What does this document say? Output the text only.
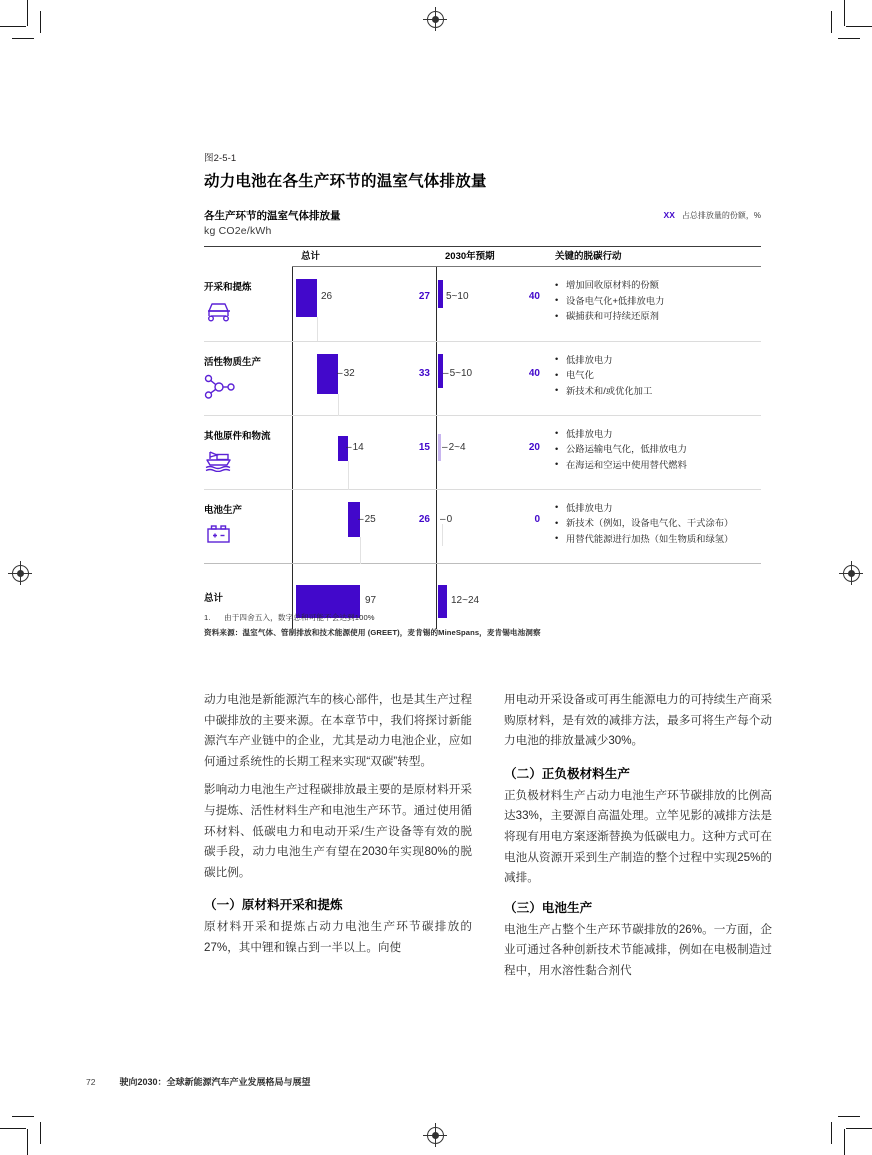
图2-5-1
动力电池在各生产环节的温室气体排放量
各生产环节的温室气体排放量
kg CO2e/kWh
XX 占总排放量的份额，%

	总计	2030年预期	关键的脱碳行动

开采和提炼

26	27	5~10	40

• 增加回收原材料的份额
• 设备电气化+低排放电力
• 碳捕获和可持续还原剂

活性物质生产

– 32	33

–5~10	40

• 低排放电力
• 电气化
• 新技术和/或优化加工

其他原件和物流

– 14	15

–2~4	20

• 低排放电力
• 公路运输电气化，低排放电力
• 在海运和空运中使用替代燃料

电池生产

– 25	26

–0	0

• 低排放电力
• 新技术（例如，设备电气化、干式涂布）
• 用替代能源进行加热（如生物质和绿氢）

总计	97	12~24	

1. 由于四舍五入，数字总和可能不会达到100%
资料来源：温室气体、管制排放和技术能源使用 (GREET)，麦肯锡的MineSpans，麦肯锡电池洞察

动力电池是新能源汽车的核心部件，也是其生产过程中碳排放的主要来源。在本章节中，我们将探讨新能源汽车产业链中的企业，尤其是动力电池企业，应如何通过系统性的长期工程来实现“双碳”转型。

影响动力电池生产过程碳排放最主要的是原材料开采与提炼、活性材料生产和电池生产环节。通过使用循环材料、低碳电力和电动开采/生产设备等有效的脱碳手段，动力电池生产有望在2030年实现80%的脱碳比例。

（一）原材料开采和提炼

原材料开采和提炼占动力电池生产环节碳排放的27%，其中锂和镍占到一半以上。向使

用电动开采设备或可再生能源电力的可持续生产商采购原材料，是有效的减排方法，最多可将生产每个动力电池的排放量减少30%。

（二）正负极材料生产

正负极材料生产占动力电池生产环节碳排放的比例高达33%，主要源自高温处理。立竿见影的减排方法是将现有用电方案逐渐替换为低碳电力。这种方式可在电池从资源开采到生产制造的整个过程中实现25%的减排。

（三）电池生产

电池生产占整个生产环节碳排放的26%。一方面，企业可通过各种创新技术节能减排，例如在电极制造过程中，用水溶性黏合剂代

72	驶向2030：全球新能源汽车产业发展格局与展望
